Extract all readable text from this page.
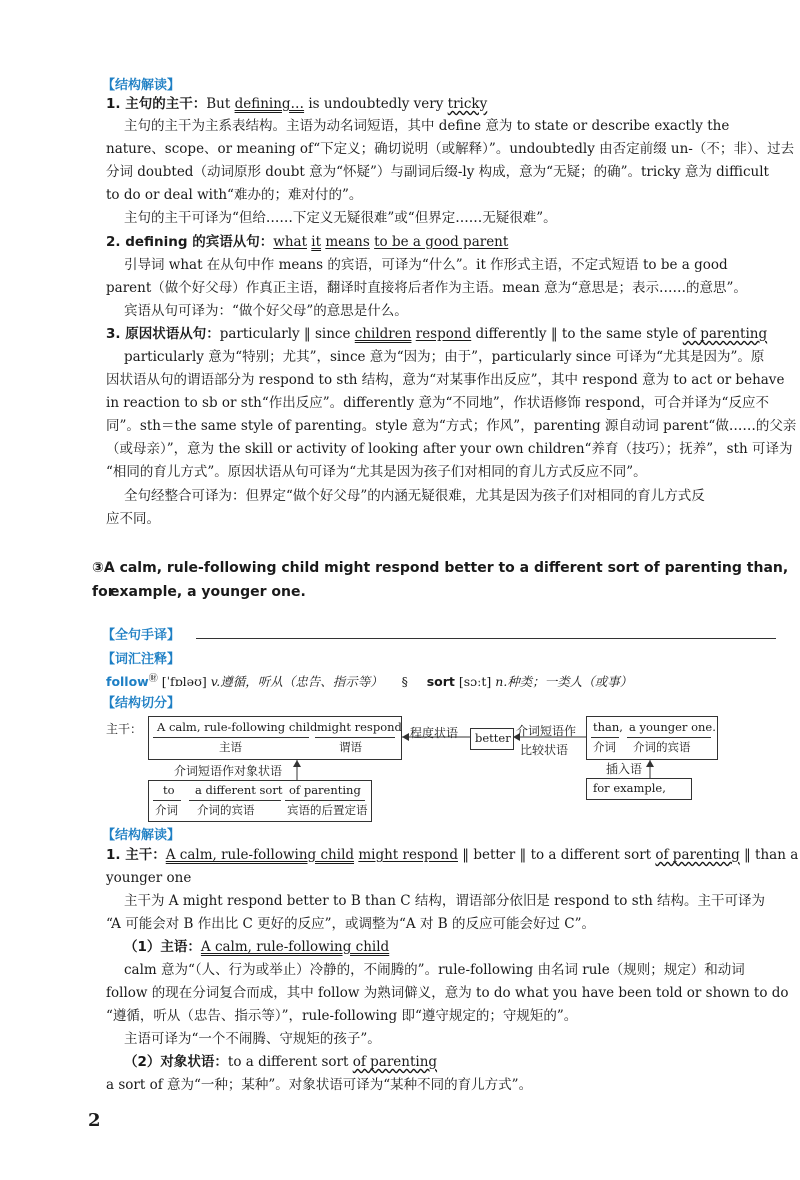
【结构解读】
1. 主句的主干：But defining… is undoubtedly very tricky
主句的主干为主系表结构。主语为动名词短语，其中 define 意为 to state or describe exactly the
nature、scope、or meaning of“下定义；确切说明（或解释）”。undoubtedly 由否定前缀 un-（不；非）、过去
分词 doubted（动词原形 doubt 意为“怀疑”）与副词后缀-ly 构成，意为“无疑；的确”。tricky 意为 difficult
to do or deal with“难办的；难对付的”。
主句的主干可译为“但给……下定义无疑很难”或“但界定……无疑很难”。
2. defining 的宾语从句：what it means to be a good parent
引导词 what 在从句中作 means 的宾语，可译为“什么”。it 作形式主语，不定式短语 to be a good
parent（做个好父母）作真正主语，翻译时直接将后者作为主语。mean 意为“意思是；表示……的意思”。
宾语从句可译为：“做个好父母”的意思是什么。
3. 原因状语从句：particularly ‖ since children respond differently ‖ to the same style of parenting
particularly 意为“特别；尤其”，since 意为“因为；由于”，particularly since 可译为“尤其是因为”。原
因状语从句的谓语部分为 respond to sth 结构，意为“对某事作出反应”，其中 respond 意为 to act or behave
in reaction to sb or sth“作出反应”。differently 意为“不同地”，作状语修饰 respond，可合并译为“反应不
同”。sth＝the same style of parenting。style 意为“方式；作风”，parenting 源自动词 parent“做……的父亲
（或母亲）”，意为 the skill or activity of looking after your own children“养育（技巧）；抚养”，sth 可译为
“相同的育儿方式”。原因状语从句可译为“尤其是因为孩子们对相同的育儿方式反应不同”。
全句经整合可译为：但界定“做个好父母”的内涵无疑很难，尤其是因为孩子们对相同的育儿方式反
应不同。
③A calm, rule-following child might respond better to a different sort of parenting than, for
example, a younger one.
【全句手译】
【词汇注释】
follow㊖ [ˈfɒləʊ] v.遵循，听从（忠告、指示等） § sort [sɔːt] n.种类；一类人（或事）
【结构切分】
主干： A calm, rule-following child might respond
主语	谓语
程度状语 better 介词短语作
比较状语
than, a younger one.
介词 介词的宾语
插入语
for example,
介词短语作对象状语
to a different sort of parenting
介词 介词的宾语	宾语的后置定语
【结构解读】
1. 主干：A calm, rule-following child might respond ‖ better ‖ to a different sort of parenting ‖ than a
younger one
主干为 A might respond better to B than C 结构，谓语部分依旧是 respond to sth 结构。主干可译为
“A 可能会对 B 作出比 C 更好的反应”，或调整为“A 对 B 的反应可能会好过 C”。
（1）主语：A calm, rule-following child
calm 意为“（人、行为或举止）冷静的，不闹腾的”。rule-following 由名词 rule（规则；规定）和动词
follow 的现在分词复合而成，其中 follow 为熟词僻义，意为 to do what you have been told or shown to do
“遵循，听从（忠告、指示等）”，rule-following 即“遵守规定的；守规矩的”。
主语可译为“一个不闹腾、守规矩的孩子”。
（2）对象状语：to a different sort of parenting
a sort of 意为“一种；某种”。对象状语可译为“某种不同的育儿方式”。
2
